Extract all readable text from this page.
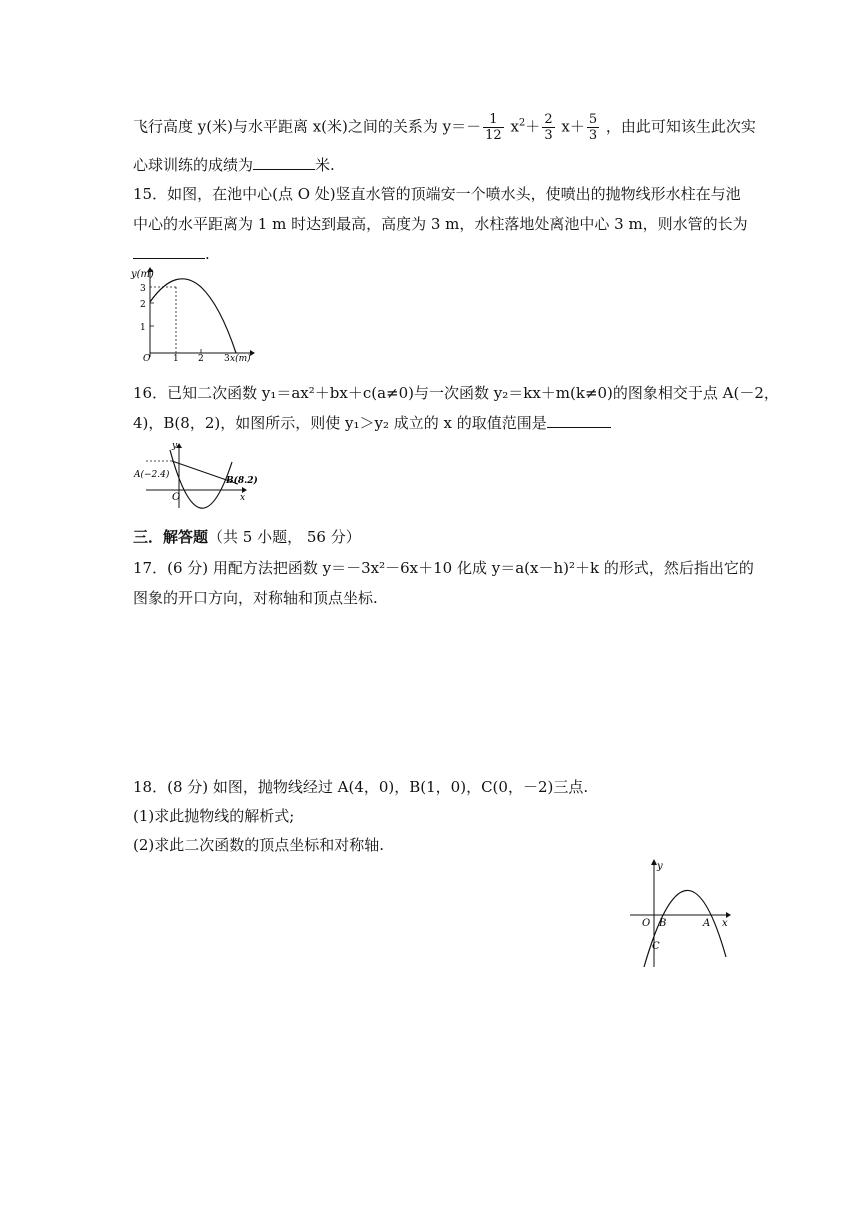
飞行高度 y(米)与水平距离 x(米)之间的关系为 $y=- \frac{1}{12} x^2+ \frac{2}{3} x+ \frac{5}{3}$ ，由此可知该生此次实
心球训练的成绩为	米.
15．如图，在池中心(点 O 处)竖直水管的顶端安一个喷水头，使喷出的抛物线形水柱在与池
中心的水平距离为 1 m 时达到最高，高度为 3 m，水柱落地处离池中心 3 m，则水管的长为
.
y(m)
3
2
1
O	1 2 3 x(m)
16．已知二次函数 y₁＝ax²＋bx＋c(a≠0)与一次函数 y₂＝kx＋m(k≠0)的图象相交于点 A(－2，
4)，B(8，2)，如图所示，则使 y₁＞y₂ 成立的 x 的取值范围是
A(−2.4)
B(8.2)
O
y
x
三．解答题（共 5 小题， 56 分）
17．(6 分) 用配方法把函数 y＝－3x²－6x＋10 化成 y＝a(x－h)²＋k 的形式，然后指出它的
图象的开口方向，对称轴和顶点坐标.
18．(8 分) 如图，抛物线经过 A(4，0)，B(1，0)，C(0，－2)三点.
(1)求此抛物线的解析式;
(2)求此二次函数的顶点坐标和对称轴.
y
O B	A x
C
